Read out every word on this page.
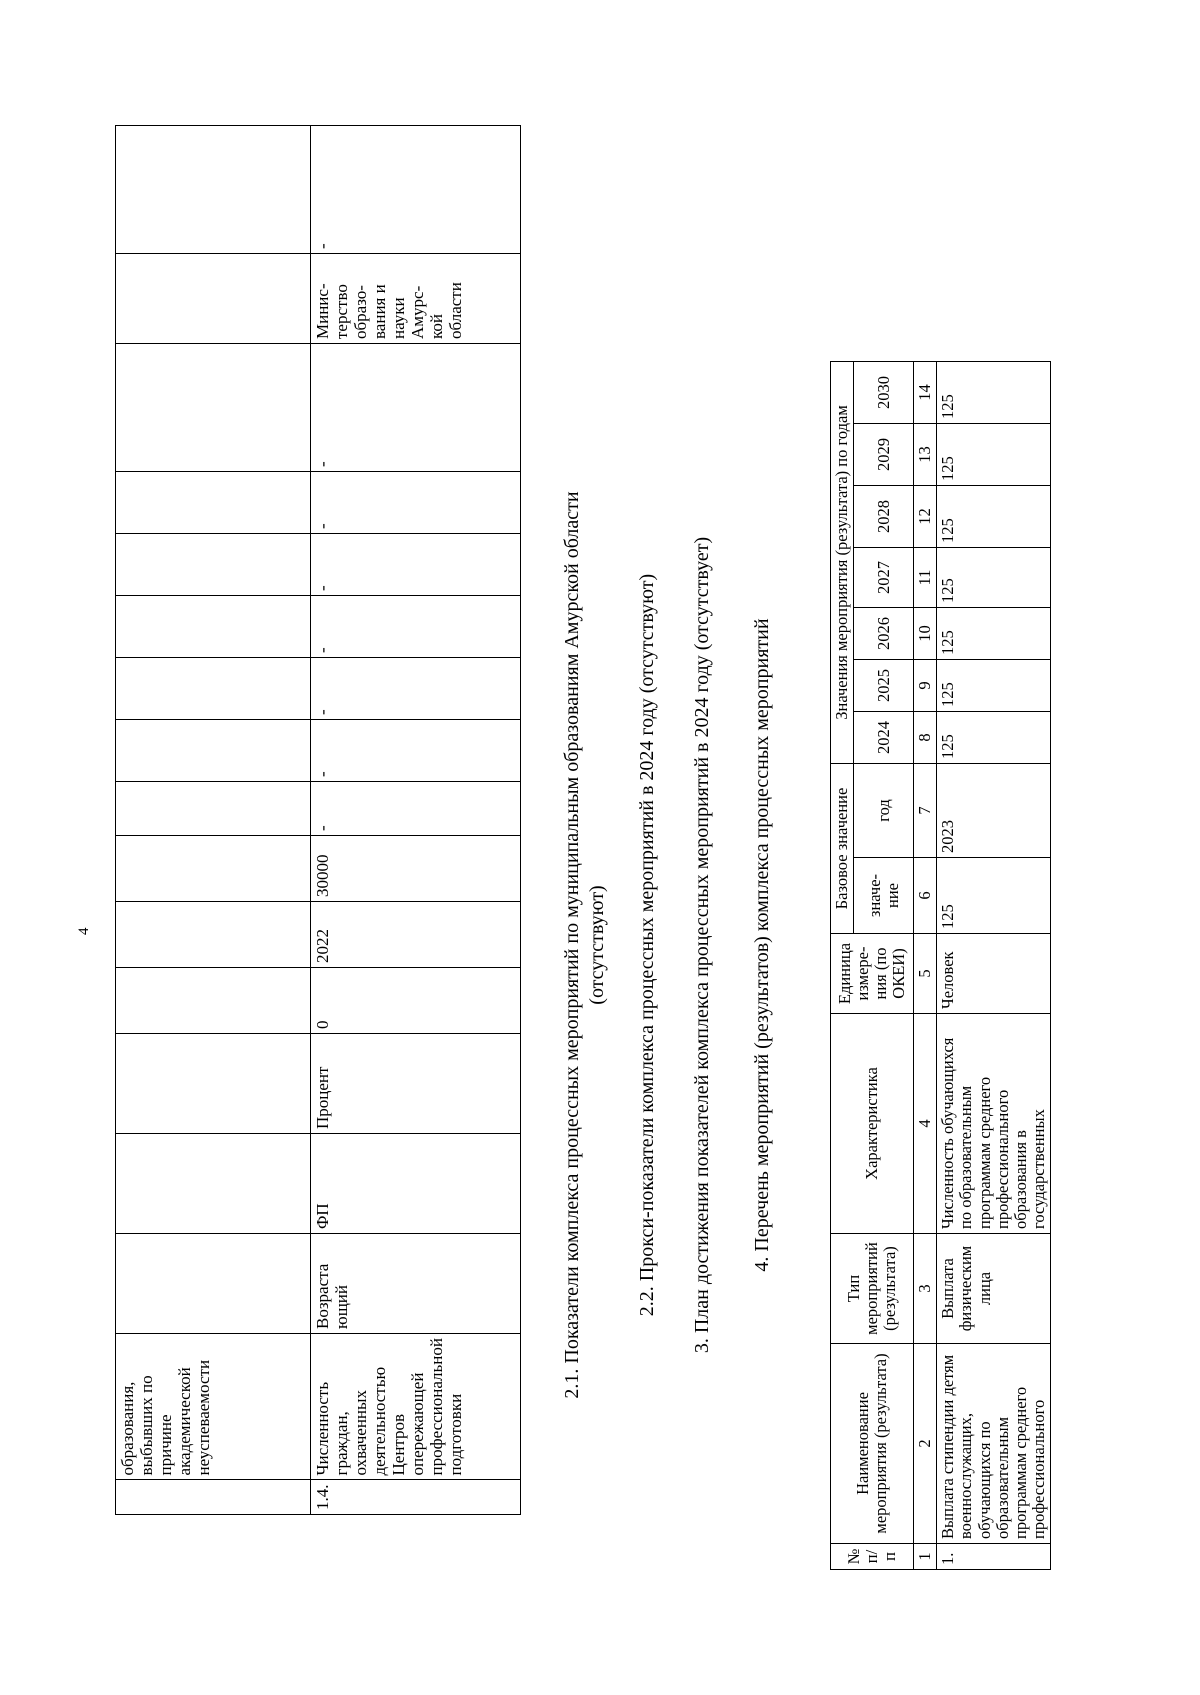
4
	образования, выбывших по причине академической неуспеваемости															
1.4.	Численность граждан, охваченных деятельностью Центров опережающей профессиональной подготовки	Возраста ющий	ФП	Процент	0	2022	30000	-	-	-	-	-	-	-	Минис- терство образо- вания и науки Амурс- кой области	-
2.1. Показатели комплекса процессных мероприятий по муниципальным образованиям Амурской области (отсутствуют) 2.2. Прокси-показатели комплекса процессных мероприятий в 2024 году (отсутствуют) 3. План достижения показателей комплекса процессных мероприятий в 2024 году (отсутствует) 4. Перечень мероприятий (результатов) комплекса процессных мероприятий
№ п/п	Наименование мероприятия (результата)	Тип мероприятий (результата)	Характеристика	Единица измере- ния (по ОКЕИ)	Базовое значение		Значения мероприятия (результата) по годам						
					значе- ние	год	2024	2025	2026	2027	2028	2029	2030
1	2	3	4	5	6	7	8	9	10	11	12	13	14
1.	Выплата стипендии детям военнослужащих, обучающихся по образовательным программам среднего профессионального	Выплата физическим лица	Численность обучающихся по образовательным программам среднего профессионального образования в государственных	Человек	125	2023	125	125	125	125	125	125	125
